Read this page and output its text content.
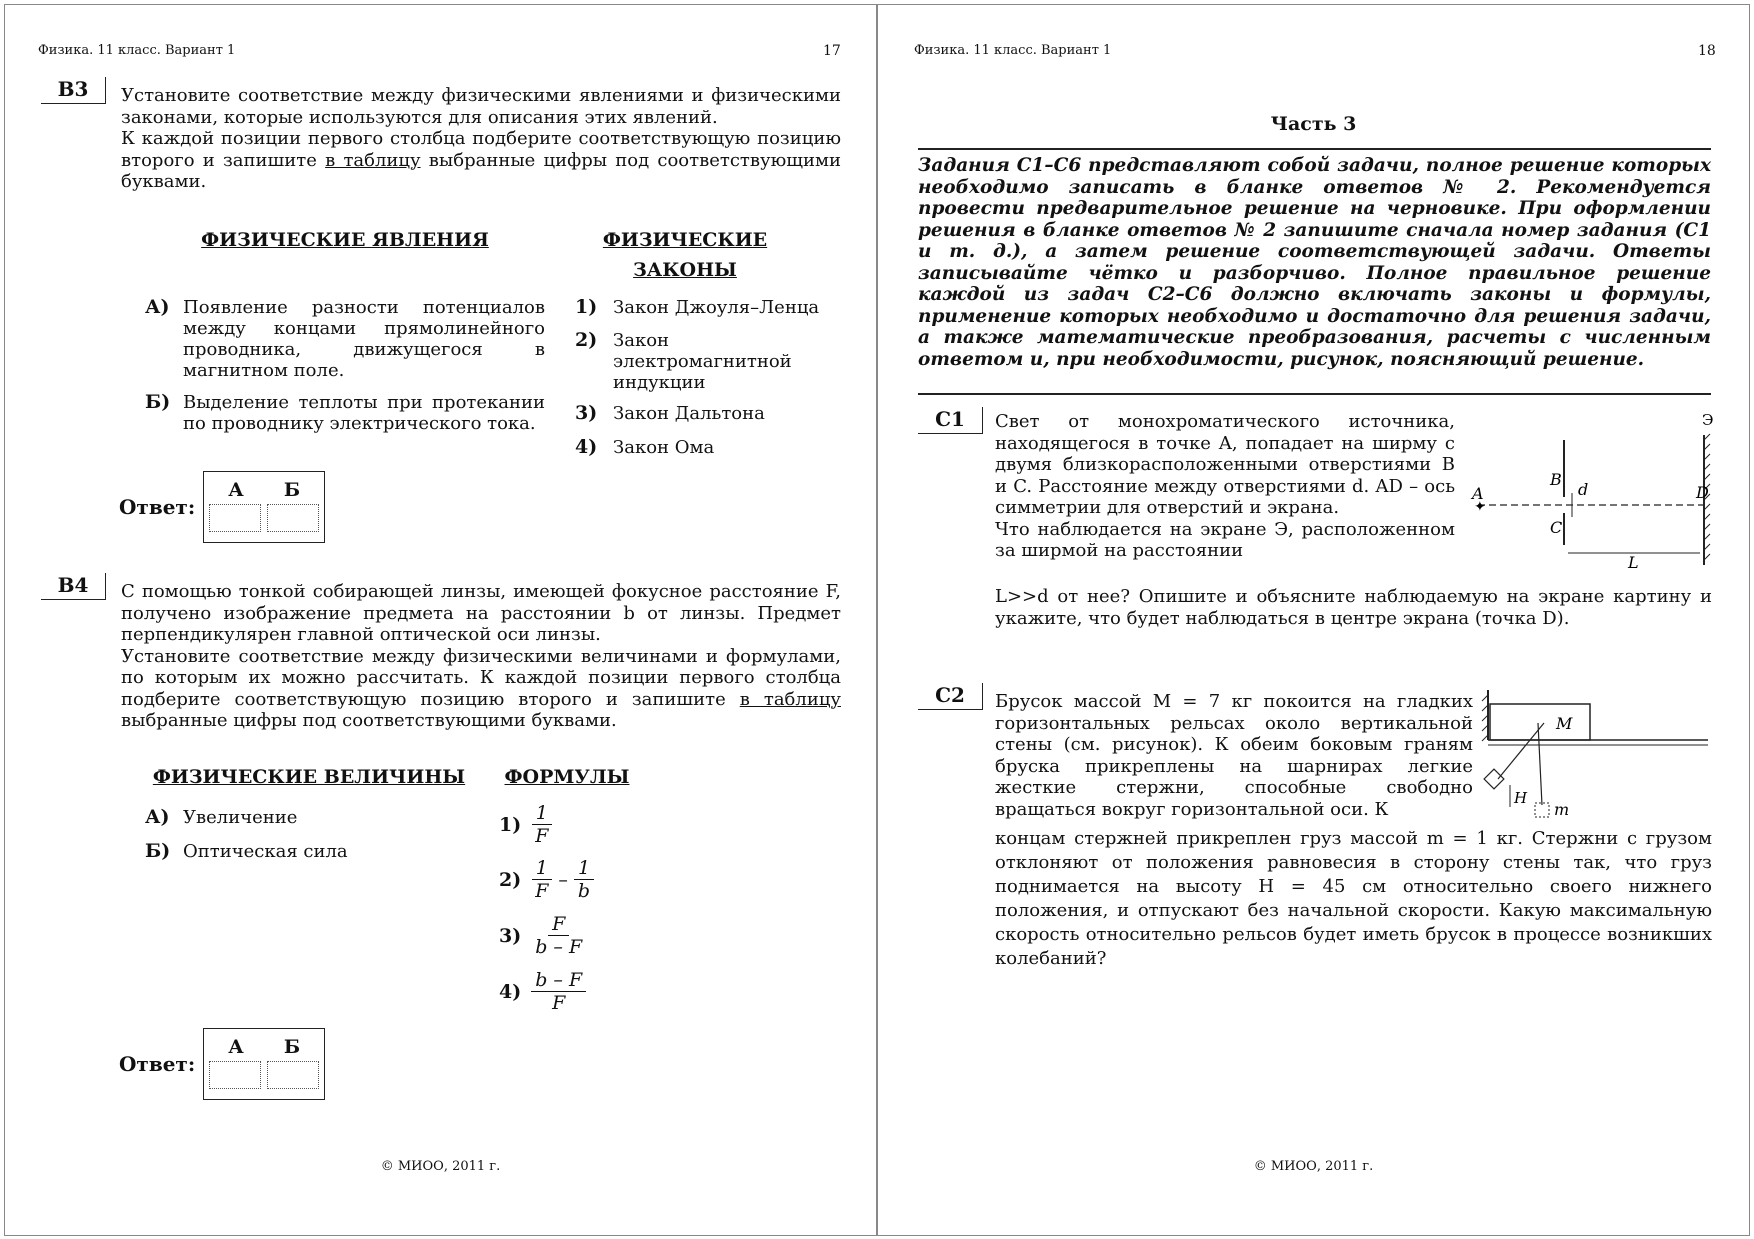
Физика. 11 класс. Вариант 1	17
В3	Установите соответствие между физическими явлениями и физическими законами, которые используются для описания этих явлений.
К каждой позиции первого столбца подберите соответствующую позицию второго и запишите в таблицу выбранные цифры под соответствующими буквами.
ФИЗИЧЕСКИЕ ЯВЛЕНИЯ	ФИЗИЧЕСКИЕ ЗАКОНЫ
А) Появление разности потенциалов между концами прямолинейного проводника, движущегося в магнитном поле.
Б) Выделение теплоты при протекании по проводнику электрического тока.
1) Закон Джоуля–Ленца
2) Закон электромагнитной индукции
3) Закон Дальтона
4) Закон Ома
Ответ:
А Б
В4	С помощью тонкой собирающей линзы, имеющей фокусное расстояние F, получено изображение предмета на расстоянии b от линзы. Предмет перпендикулярен главной оптической оси линзы.
Установите соответствие между физическими величинами и формулами, по которым их можно рассчитать. К каждой позиции первого столбца подберите соответствующую позицию второго и запишите в таблицу выбранные цифры под соответствующими буквами.
ФИЗИЧЕСКИЕ ВЕЛИЧИНЫ	ФОРМУЛЫ
А) Увеличение
Б) Оптическая сила
$1) \frac{1}{F}$
$2) \frac{1}{F} - \frac{1}{b}$
$3) \frac{F}{b - F}$
$4) \frac{b - F}{F}$
Ответ:
А Б
© МИОО, 2011 г.
Физика. 11 класс. Вариант 1	18
Часть 3
Задания С1–С6 представляют собой задачи, полное решение которых необходимо записать в бланке ответов № 2. Рекомендуется провести предварительное решение на черновике. При оформлении решения в бланке ответов № 2 запишите сначала номер задания (С1 и т. д.), а затем решение соответствующей задачи. Ответы записывайте чётко и разборчиво. Полное правильное решение каждой из задач С2–С6 должно включать законы и формулы, применение которых необходимо и достаточно для решения задачи, а также математические преобразования, расчеты с численным ответом и, при необходимости, рисунок, поясняющий решение.
С1	Свет от монохроматического источника, находящегося в точке A, попадает на ширму с двумя близкорасположенными отверстиями B и C. Расстояние между отверстиями d. AD – ось симметрии для отверстий и экрана.
Что наблюдается на экране Э, расположенном за ширмой на расстоянии
L>>d от нее? Опишите и объясните наблюдаемую на экране картину и укажите, что будет наблюдаться в центре экрана (точка D).
A
✦
B
C
d	D
Э
L
С2	Брусок массой M = 7 кг покоится на гладких горизонтальных рельсах около вертикальной стены (см. рисунок). К обеим боковым граням бруска прикреплены на шарнирах легкие жесткие стержни, способные свободно вращаться вокруг горизонтальной оси. К
концам стержней прикреплен груз массой m = 1 кг. Стержни с грузом отклоняют от положения равновесия в сторону стены так, что груз поднимается на высоту H = 45 см относительно своего нижнего положения, и отпускают без начальной скорости. Какую максимальную скорость относительно рельсов будет иметь брусок в процессе возникших колебаний?
M
m
H
© МИОО, 2011 г.
